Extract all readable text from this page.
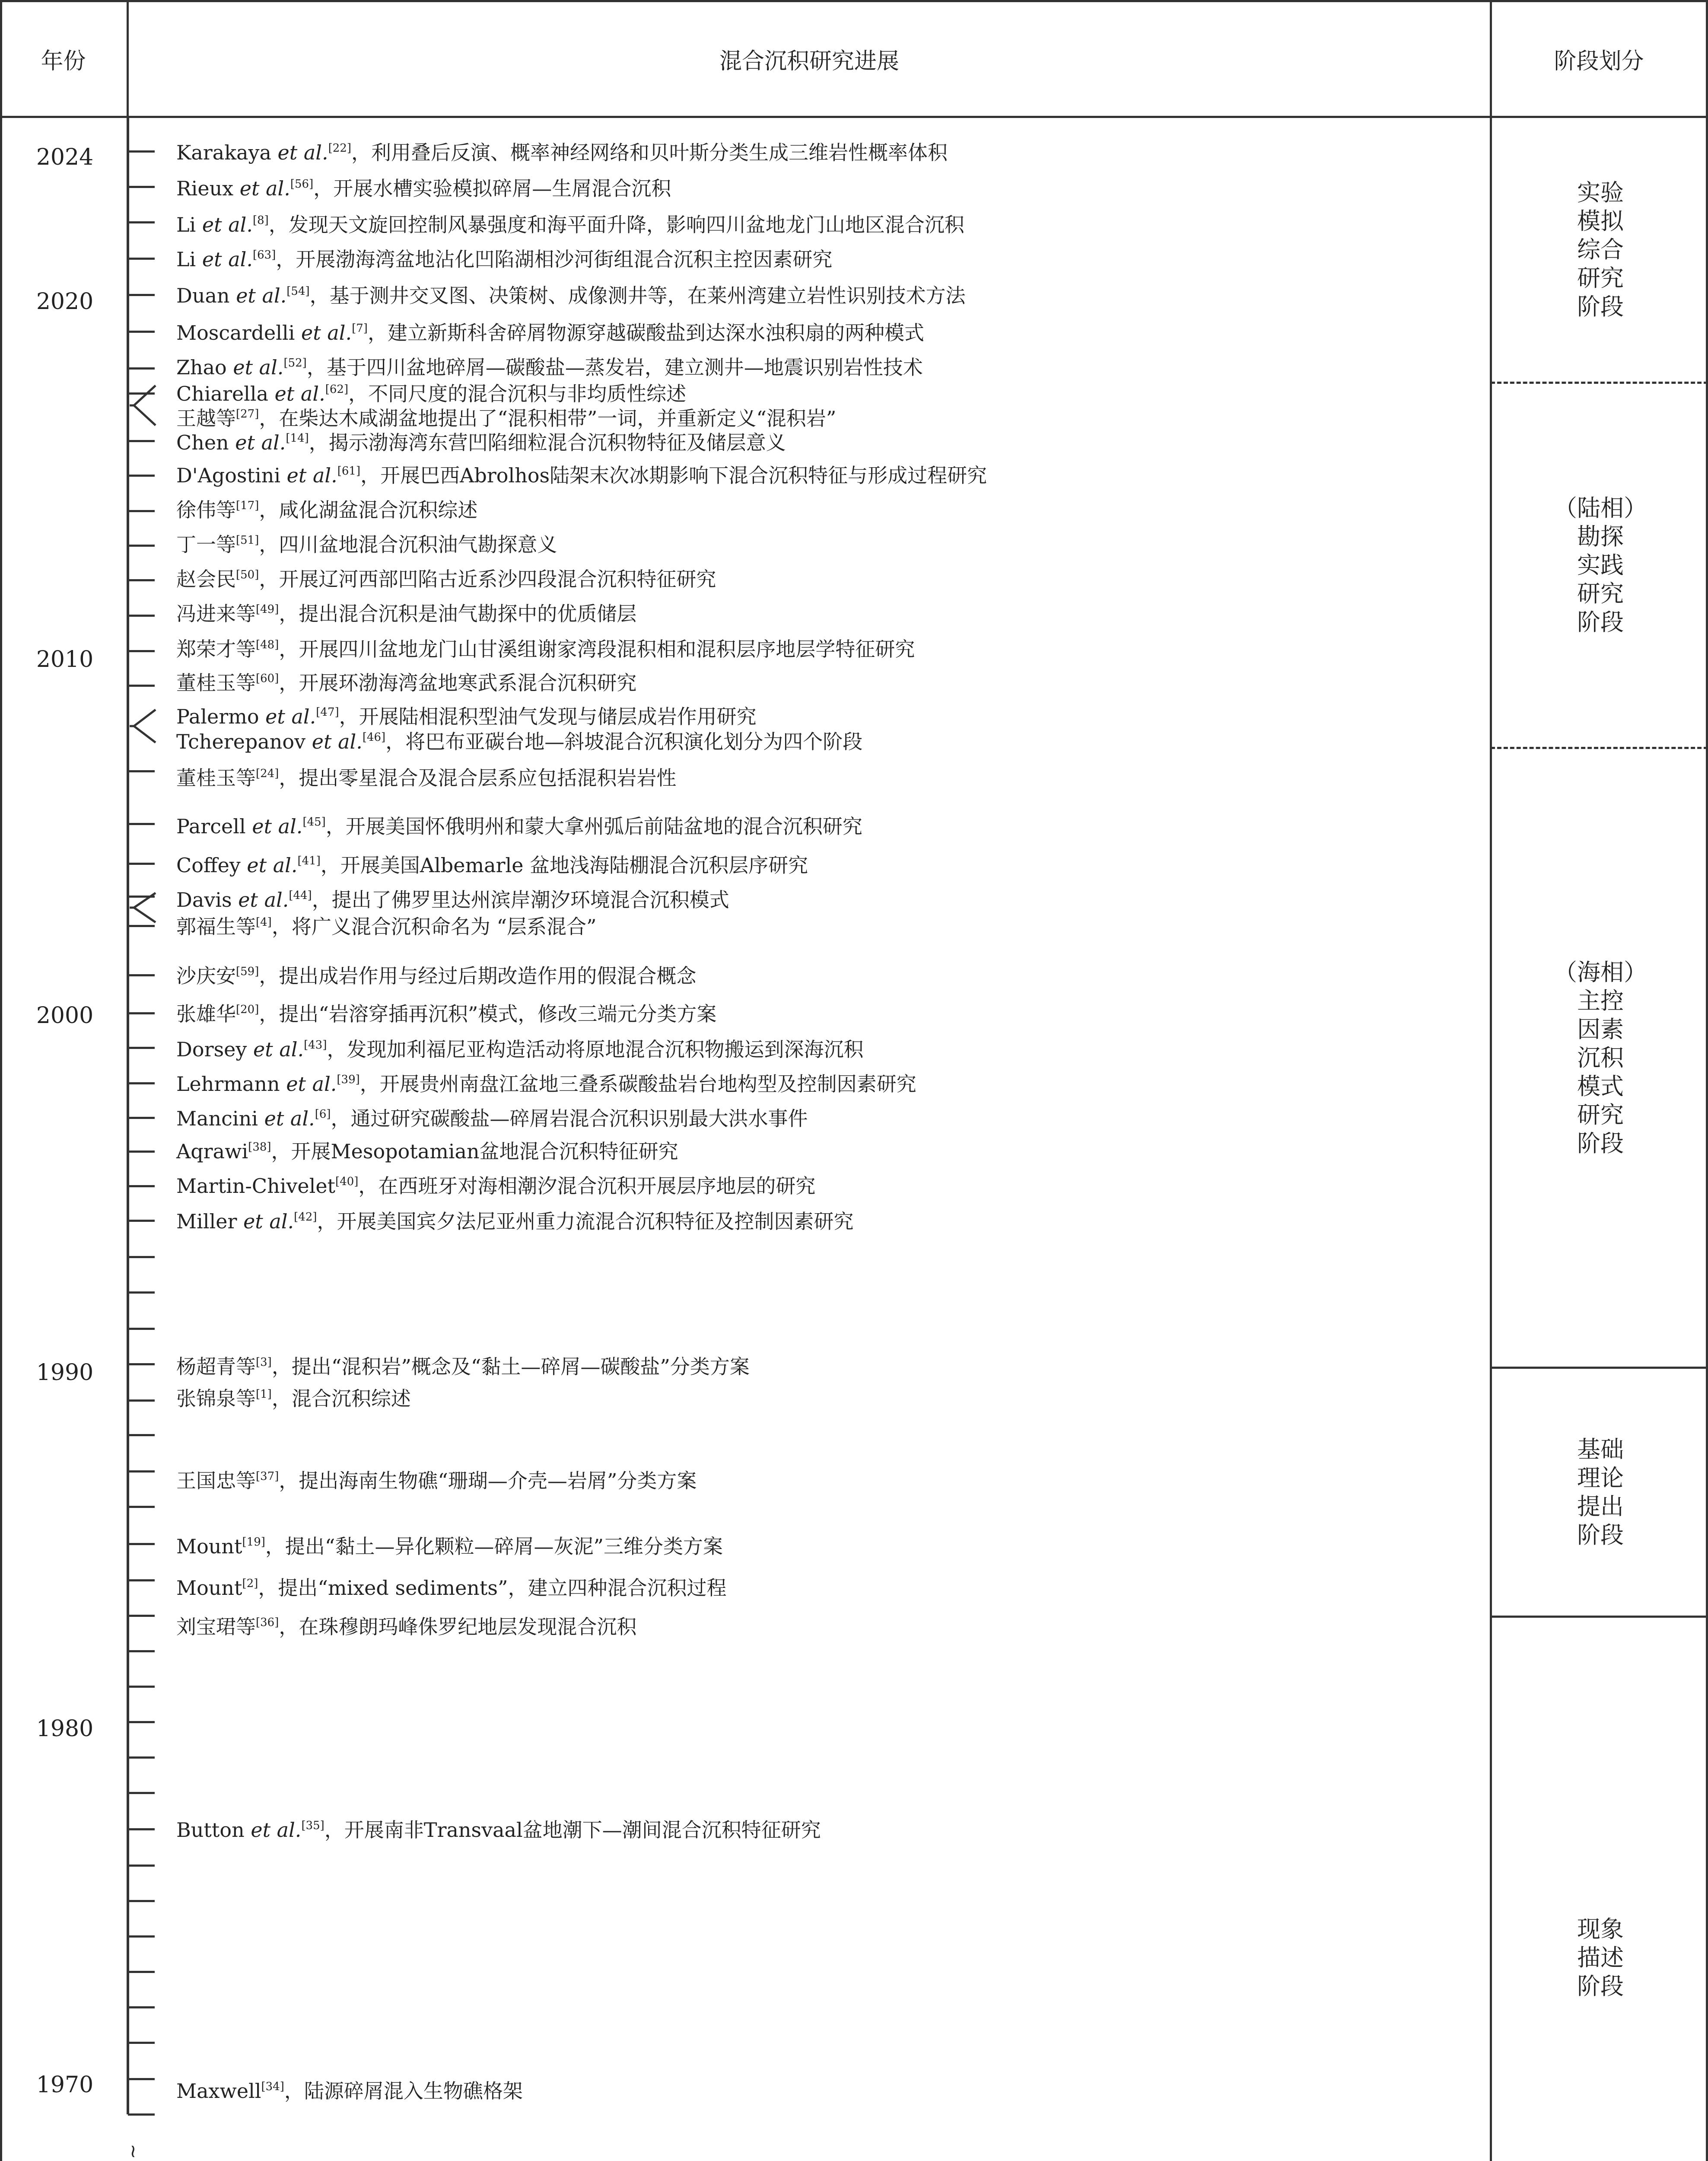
年份	混合沉积研究进展	阶段划分
≀
2024
2020
2010
2000
1990
1980
1970
Karakaya et al.[22]，利用叠后反演、概率神经网络和贝叶斯分类生成三维岩性概率体积
Rieux et al.[56]，开展水槽实验模拟碎屑—生屑混合沉积
Li et al.[8]，发现天文旋回控制风暴强度和海平面升降，影响四川盆地龙门山地区混合沉积
Li et al.[63]，开展渤海湾盆地沾化凹陷湖相沙河街组混合沉积主控因素研究
Duan et al.[54]，基于测井交叉图、决策树、成像测井等，在莱州湾建立岩性识别技术方法
Moscardelli et al.[7]，建立新斯科舍碎屑物源穿越碳酸盐到达深水浊积扇的两种模式
Zhao et al.[52]，基于四川盆地碎屑—碳酸盐—蒸发岩，建立测井—地震识别岩性技术
Chiarella et al.[62]，不同尺度的混合沉积与非均质性综述
王越等[27]，在柴达木咸湖盆地提出了“混积相带”一词，并重新定义“混积岩”
Chen et al.[14]，揭示渤海湾东营凹陷细粒混合沉积物特征及储层意义
D'Agostini et al.[61]，开展巴西Abrolhos陆架末次冰期影响下混合沉积特征与形成过程研究
徐伟等[17]，咸化湖盆混合沉积综述
丁一等[51]，四川盆地混合沉积油气勘探意义
赵会民[50]，开展辽河西部凹陷古近系沙四段混合沉积特征研究
冯进来等[49]，提出混合沉积是油气勘探中的优质储层
郑荣才等[48]，开展四川盆地龙门山甘溪组谢家湾段混积相和混积层序地层学特征研究
董桂玉等[60]，开展环渤海湾盆地寒武系混合沉积研究
Palermo et al.[47]，开展陆相混积型油气发现与储层成岩作用研究
Tcherepanov et al.[46]，将巴布亚碳台地—斜坡混合沉积演化划分为四个阶段
董桂玉等[24]，提出零星混合及混合层系应包括混积岩岩性
Parcell et al.[45]，开展美国怀俄明州和蒙大拿州弧后前陆盆地的混合沉积研究
Coffey et al.[41]，开展美国Albemarle 盆地浅海陆棚混合沉积层序研究
Davis et al.[44]，提出了佛罗里达州滨岸潮汐环境混合沉积模式
郭福生等[4]，将广义混合沉积命名为 “层系混合”
沙庆安[59]，提出成岩作用与经过后期改造作用的假混合概念
张雄华[20]，提出“岩溶穿插再沉积”模式，修改三端元分类方案
Dorsey et al.[43]，发现加利福尼亚构造活动将原地混合沉积物搬运到深海沉积
Lehrmann et al.[39]，开展贵州南盘江盆地三叠系碳酸盐岩台地构型及控制因素研究
Mancini et al.[6]，通过研究碳酸盐—碎屑岩混合沉积识别最大洪水事件
Aqrawi[38]，开展Mesopotamian盆地混合沉积特征研究
Martin-Chivelet[40]，在西班牙对海相潮汐混合沉积开展层序地层的研究
Miller et al.[42]，开展美国宾夕法尼亚州重力流混合沉积特征及控制因素研究
杨超青等[3]，提出“混积岩”概念及“黏土—碎屑—碳酸盐”分类方案
张锦泉等[1]，混合沉积综述
王国忠等[37]，提出海南生物礁“珊瑚—介壳—岩屑”分类方案
Mount[19]，提出“黏土—异化颗粒—碎屑—灰泥”三维分类方案
Mount[2]，提出“mixed sediments”，建立四种混合沉积过程
刘宝珺等[36]，在珠穆朗玛峰侏罗纪地层发现混合沉积
Button et al.[35]，开展南非Transvaal盆地潮下—潮间混合沉积特征研究
Maxwell[34]，陆源碎屑混入生物礁格架
实验
模拟
综合
研究
阶段
（陆相）
勘探
实践
研究
阶段
（海相）
主控
因素
沉积
模式
研究
阶段
基础
理论
提出
阶段
现象
描述
阶段
